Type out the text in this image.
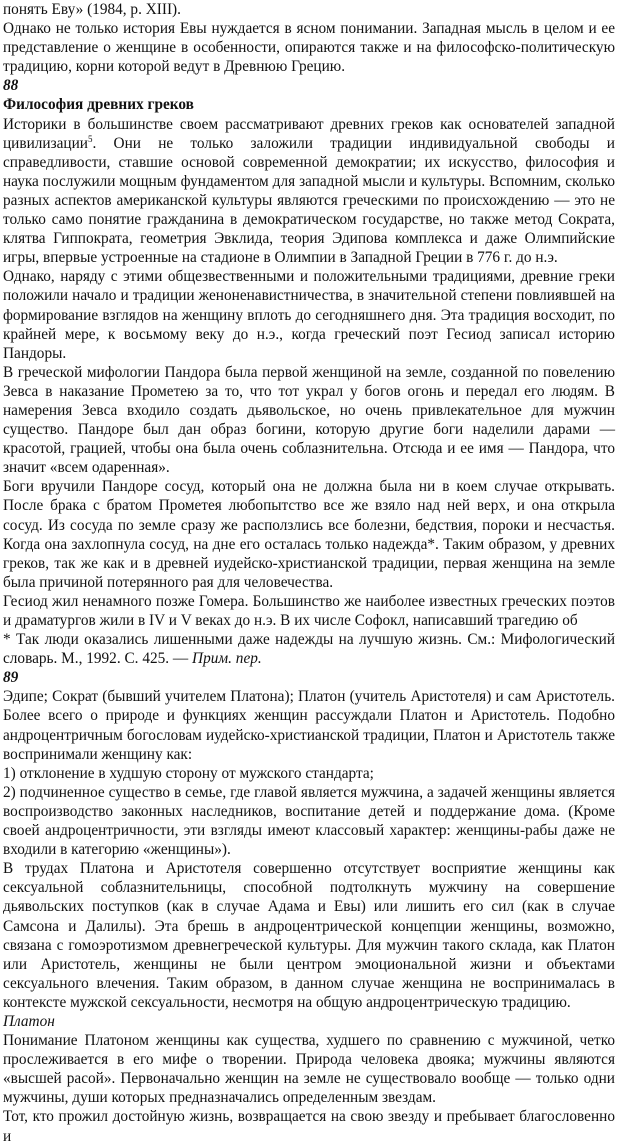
понять Еву» (1984, p. XIII).

Однако не только история Евы нуждается в ясном понимании. Западная мысль в целом и ее представление о женщине в особенности, опираются также и на философско-политическую традицию, корни которой ведут в Древнюю Грецию.

88

Философия древних греков

Историки в большинстве своем рассматривают древних греков как основателей западной цивилизации$^5$. Они не только заложили традиции индивидуальной свободы и справедливости, ставшие основой современной демократии; их искусство, философия и наука послужили мощным фундаментом для западной мысли и культуры. Вспомним, сколько разных аспектов американской культуры являются греческими по происхождению — это не только само понятие гражданина в демократическом государстве, но также метод Сократа, клятва Гиппократа, геометрия Эвклида, теория Эдипова комплекса и даже Олимпийские игры, впервые устроенные на стадионе в Олимпии в Западной Греции в 776 г. до н.э.

Однако, наряду с этими общезвественными и положительными традициями, древние греки положили начало и традиции женоненавистничества, в значительной степени повлиявшей на формирование взглядов на женщину вплоть до сегодняшнего дня. Эта традиция восходит, по крайней мере, к восьмому веку до н.э., когда греческий поэт Гесиод записал историю Пандоры.

В греческой мифологии Пандора была первой женщиной на земле, созданной по повелению Зевса в наказание Прометею за то, что тот украл у богов огонь и передал его людям. В намерения Зевса входило создать дьявольское, но очень привлекательное для мужчин существо. Пандоре был дан образ богини, которую другие боги наделили дарами — красотой, грацией, чтобы она была очень соблазнительна. Отсюда и ее имя — Пандора, что значит «всем одаренная».

Боги вручили Пандоре сосуд, который она не должна была ни в коем случае открывать. После брака с братом Прометея любопытство все же взяло над ней верх, и она открыла сосуд. Из сосуда по земле сразу же расползлись все болезни, бедствия, пороки и несчастья. Когда она захлопнула сосуд, на дне его осталась только надежда*. Таким образом, у древних греков, так же как и в древней иудейско-христианской традиции, первая женщина на земле была причиной потерянного рая для человечества.

Гесиод жил ненамного позже Гомера. Большинство же наиболее известных греческих поэтов и драматургов жили в IV и V веках до н.э. В их числе Софокл, написавший трагедию об

* Так люди оказались лишенными даже надежды на лучшую жизнь. См.: Мифологический словарь. М., 1992. С. 425. — Прим. пер.

89

Эдипе; Сократ (бывший учителем Платона); Платон (учитель Аристотеля) и сам Аристотель. Более всего о природе и функциях женщин рассуждали Платон и Аристотель. Подобно андроцентричным богословам иудейско-христианской традиции, Платон и Аристотель также воспринимали женщину как:

1) отклонение в худшую сторону от мужского стандарта;

2) подчиненное существо в семье, где главой является мужчина, а задачей женщины является воспроизводство законных наследников, воспитание детей и поддержание дома. (Кроме своей андроцентричности, эти взгляды имеют классовый характер: женщины-рабы даже не входили в категорию «женщины»).

В трудах Платона и Аристотеля совершенно отсутствует восприятие женщины как сексуальной соблазнительницы, способной подтолкнуть мужчину на совершение дьявольских поступков (как в случае Адама и Евы) или лишить его сил (как в случае Самсона и Далилы). Эта брешь в андроцентрической концепции женщины, возможно, связана с гомоэротизмом древнегреческой культуры. Для мужчин такого склада, как Платон или Аристотель, женщины не были центром эмоциональной жизни и объектами сексуального влечения. Таким образом, в данном случае женщина не воспринималась в контексте мужской сексуальности, несмотря на общую андроцентрическую традицию.

Платон

Понимание Платоном женщины как существа, худшего по сравнению с мужчиной, четко прослеживается в его мифе о творении. Природа человека двояка; мужчины являются «высшей расой». Первоначально женщин на земле не существовало вообще — только одни мужчины, души которых предназначались определенным звездам.

Тот, кто прожил достойную жизнь, возвращается на свою звезду и пребывает благословенно и
